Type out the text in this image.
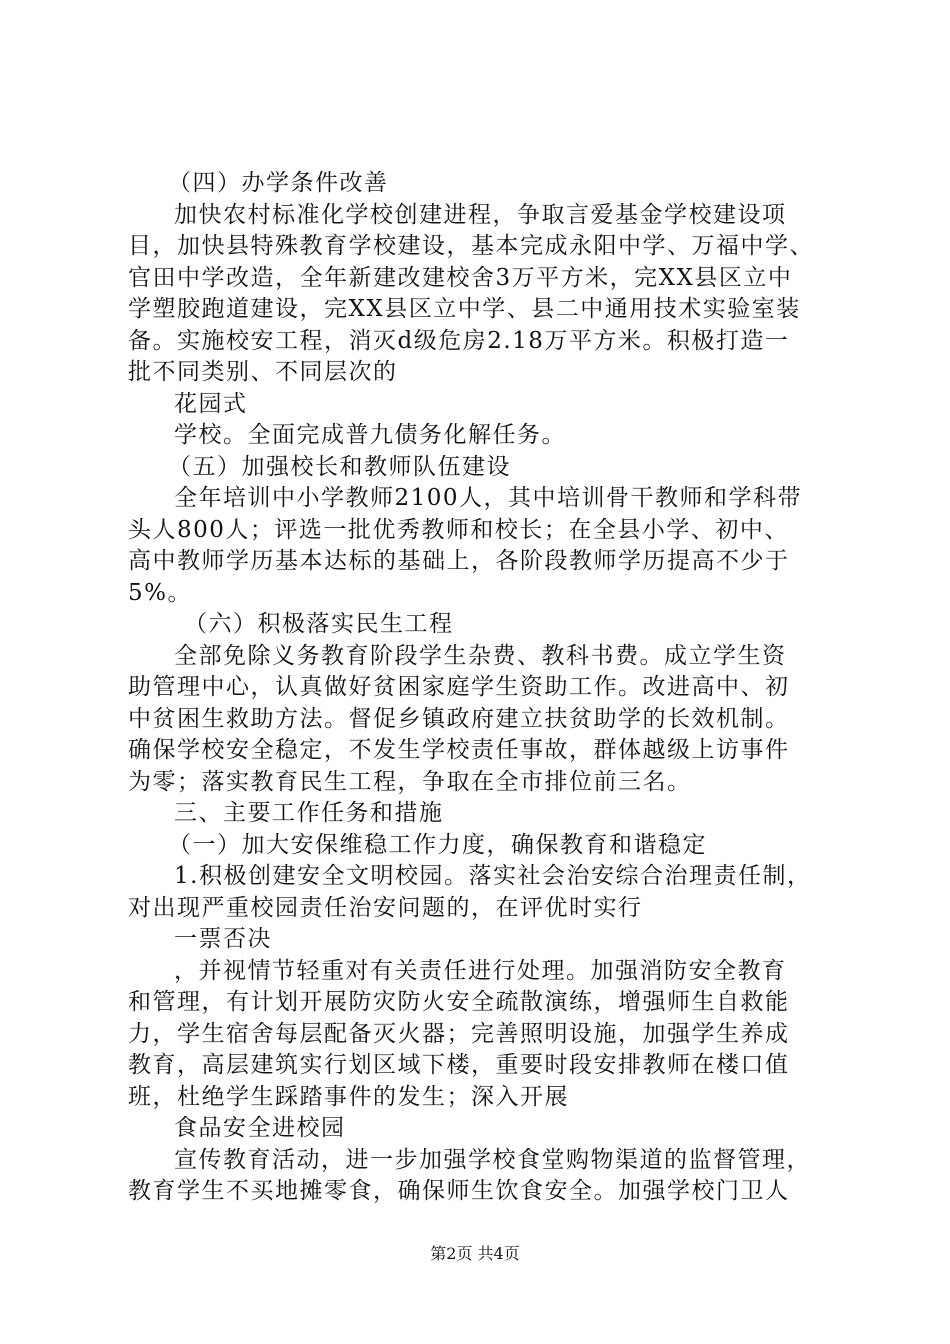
（四）办学条件改善
加快农村标准化学校创建进程，争取言爱基金学校建设项
目，加快县特殊教育学校建设，基本完成永阳中学、万福中学、
官田中学改造，全年新建改建校舍3万平方米，完XX县区立中
学塑胶跑道建设，完XX县区立中学、县二中通用技术实验室装
备。实施校安工程，消灭d级危房2.18万平方米。积极打造一
批不同类别、不同层次的
花园式
学校。全面完成普九债务化解任务。
（五）加强校长和教师队伍建设
全年培训中小学教师2100人，其中培训骨干教师和学科带
头人800人；评选一批优秀教师和校长；在全县小学、初中、
高中教师学历基本达标的基础上，各阶段教师学历提高不少于
5%。
（六）积极落实民生工程
全部免除义务教育阶段学生杂费、教科书费。成立学生资
助管理中心，认真做好贫困家庭学生资助工作。改进高中、初
中贫困生救助方法。督促乡镇政府建立扶贫助学的长效机制。
确保学校安全稳定，不发生学校责任事故，群体越级上访事件
为零；落实教育民生工程，争取在全市排位前三名。
三、主要工作任务和措施
（一）加大安保维稳工作力度，确保教育和谐稳定
1.积极创建安全文明校园。落实社会治安综合治理责任制，
对出现严重校园责任治安问题的，在评优时实行
一票否决
，并视情节轻重对有关责任进行处理。加强消防安全教育
和管理，有计划开展防灾防火安全疏散演练，增强师生自救能
力，学生宿舍每层配备灭火器；完善照明设施，加强学生养成
教育，高层建筑实行划区域下楼，重要时段安排教师在楼口值
班，杜绝学生踩踏事件的发生；深入开展
食品安全进校园
宣传教育活动，进一步加强学校食堂购物渠道的监督管理，
教育学生不买地摊零食，确保师生饮食安全。加强学校门卫人
第2页 共4页
